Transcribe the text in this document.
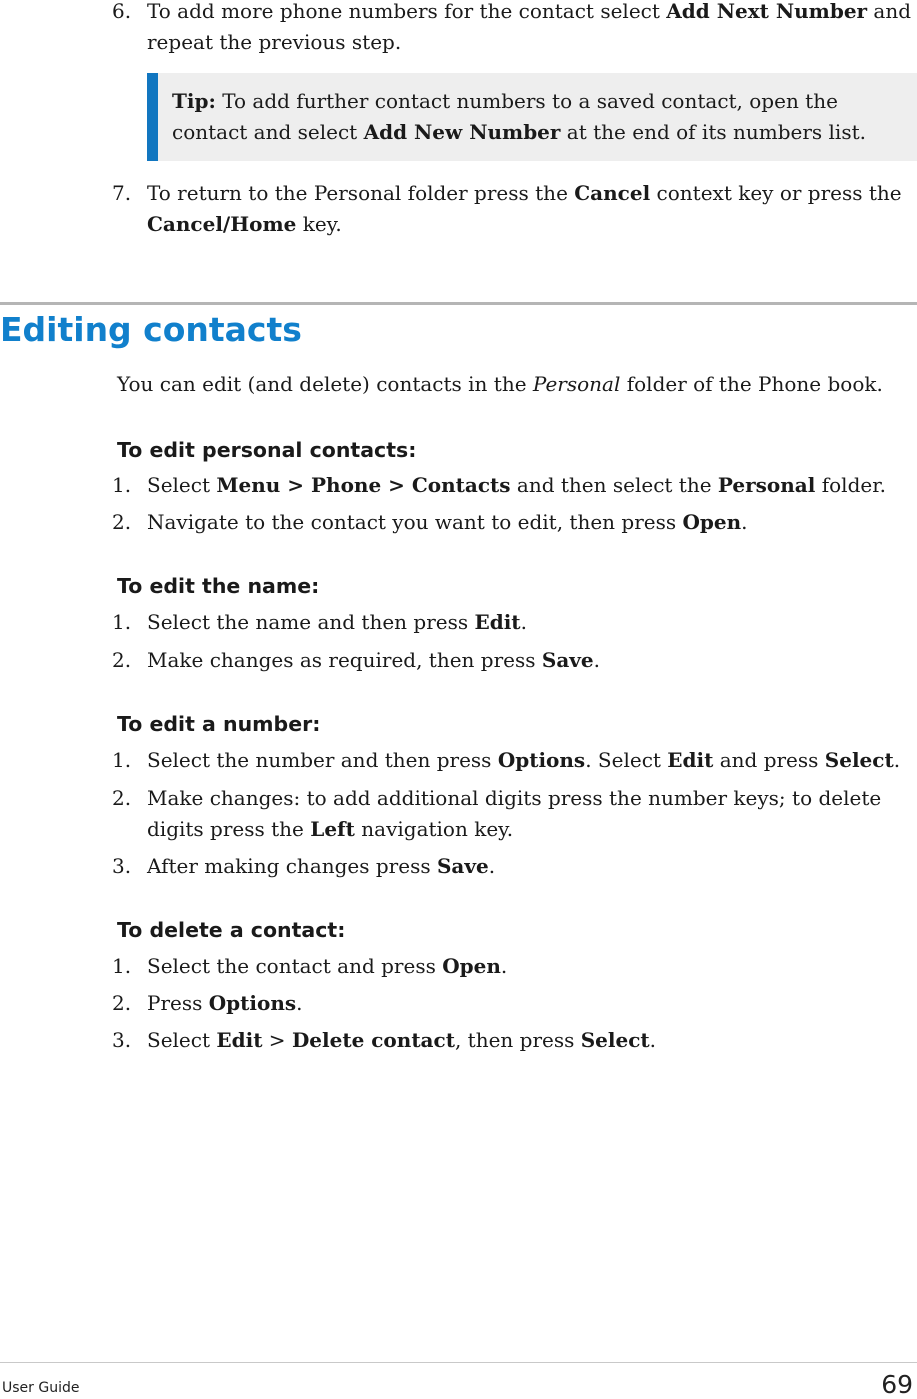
6. To add more phone numbers for the contact select Add Next Number and repeat the previous step.
Tip: To add further contact numbers to a saved contact, open the contact and select Add New Number at the end of its numbers list.
7. To return to the Personal folder press the Cancel context key or press the Cancel/Home key.
Editing contacts
You can edit (and delete) contacts in the Personal folder of the Phone book.
To edit personal contacts:
1. Select Menu > Phone > Contacts and then select the Personal folder.
2. Navigate to the contact you want to edit, then press Open.
To edit the name:
1. Select the name and then press Edit.
2. Make changes as required, then press Save.
To edit a number:
1. Select the number and then press Options. Select Edit and press Select.
2. Make changes: to add additional digits press the number keys; to delete digits press the Left navigation key.
3. After making changes press Save.
To delete a contact:
1. Select the contact and press Open.
2. Press Options.
3. Select Edit > Delete contact, then press Select.
User Guide	69
